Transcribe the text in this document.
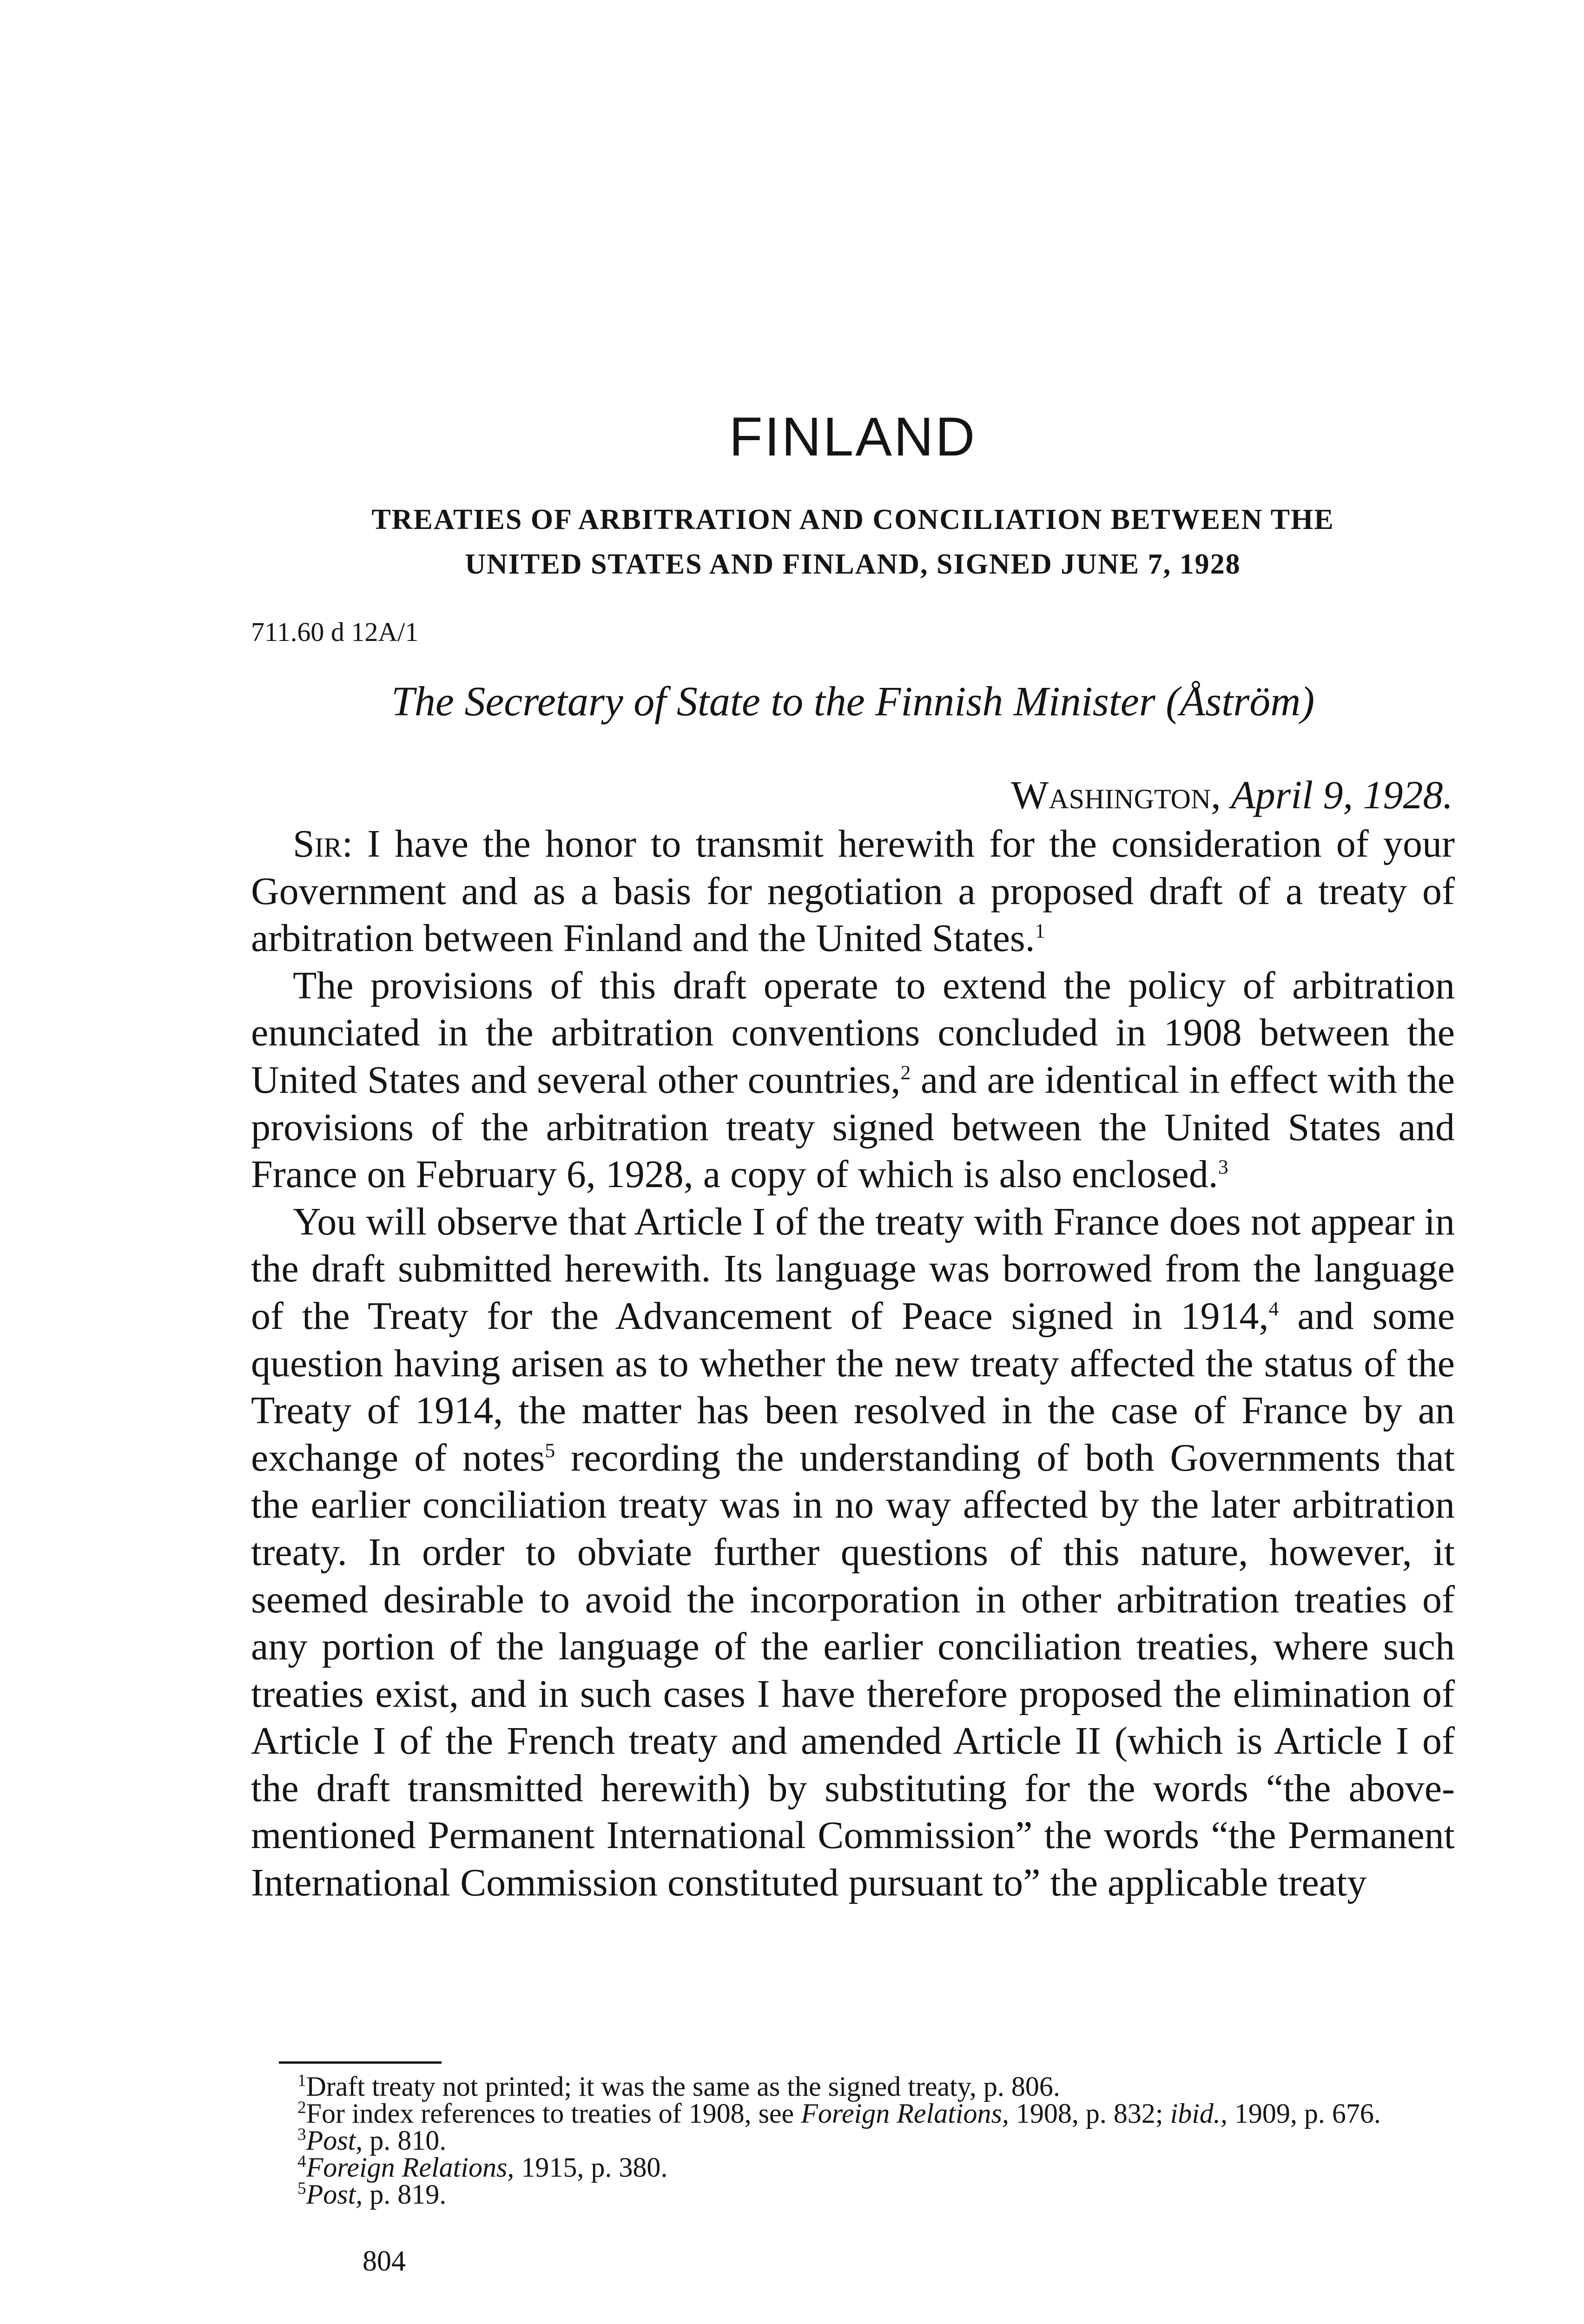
FINLAND
TREATIES OF ARBITRATION AND CONCILIATION BETWEEN THE
UNITED STATES AND FINLAND, SIGNED JUNE 7, 1928
711.60 d 12A/1
The Secretary of State to the Finnish Minister (Åström)
Washington, April 9, 1928.

Sir: I have the honor to transmit herewith for the consideration of your Government and as a basis for negotiation a proposed draft of a treaty of arbitration between Finland and the United States.$^1$

The provisions of this draft operate to extend the policy of arbitration enunciated in the arbitration conventions concluded in 1908 between the United States and several other countries,$^2$ and are identical in effect with the provisions of the arbitration treaty signed between the United States and France on February 6, 1928, a copy of which is also enclosed.$^3$

You will observe that Article I of the treaty with France does not appear in the draft submitted herewith. Its language was borrowed from the language of the Treaty for the Advancement of Peace signed in 1914,$^4$ and some question having arisen as to whether the new treaty affected the status of the Treaty of 1914, the matter has been resolved in the case of France by an exchange of notes$^5$ recording the understanding of both Governments that the earlier conciliation treaty was in no way affected by the later arbitration treaty. In order to obviate further questions of this nature, however, it seemed desirable to avoid the incorporation in other arbitration treaties of any portion of the language of the earlier conciliation treaties, where such treaties exist, and in such cases I have therefore proposed the elimination of Article I of the French treaty and amended Article II (which is Article I of the draft transmitted herewith) by substituting for the words “the above-mentioned Permanent International Commission” the words “the Permanent International Commission constituted pursuant to” the applicable treaty

$^1$Draft treaty not printed; it was the same as the signed treaty, p. 806.

$^2$For index references to treaties of 1908, see Foreign Relations, 1908, p. 832; ibid., 1909, p. 676.

$^3$Post, p. 810.

$^4$Foreign Relations, 1915, p. 380.

$^5$Post, p. 819.

804
